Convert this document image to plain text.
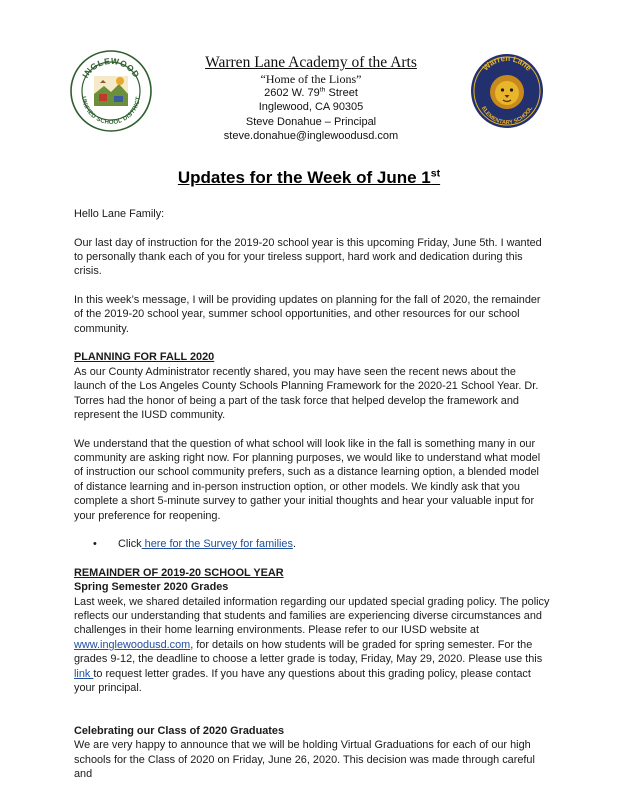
INGLEWOOD
UNIFIED SCHOOL DISTRICT
Warren Lane Academy of the Arts
“Home of the Lions”
2602 W. 79th Street
Inglewood, CA 90305
Steve Donahue – Principal
steve.donahue@inglewoodusd.com
Warren Lane
ELEMENTARY SCHOOL
Updates for the Week of June 1st

Hello Lane Family:

Our last day of instruction for the 2019-20 school year is this upcoming Friday, June 5th. I wanted to personally thank each of you for your tireless support, hard work and dedication during this crisis.

In this week’s message, I will be providing updates on planning for the fall of 2020, the remainder of the 2019-20 school year, summer school opportunities, and other resources for our school community.

PLANNING FOR FALL 2020

As our County Administrator recently shared, you may have seen the recent news about the launch of the Los Angeles County Schools Planning Framework for the 2020-21 School Year. Dr. Torres had the honor of being a part of the task force that helped develop the framework and represent the IUSD community.

We understand that the question of what school will look like in the fall is something many in our community are asking right now. For planning purposes, we would like to understand what model of instruction our school community prefers, such as a distance learning option, a blended model of distance learning and in-person instruction option, or other models. We kindly ask that you complete a short 5-minute survey to gather your initial thoughts and hear your valuable input for your preference for reopening.

• Click here for the Survey for families.
REMAINDER OF 2019-20 SCHOOL YEAR
Spring Semester 2020 Grades

Last week, we shared detailed information regarding our updated special grading policy. The policy reflects our understanding that students and families are experiencing diverse circumstances and challenges in their home learning environments. Please refer to our IUSD website at www.inglewoodusd.com, for details on how students will be graded for spring semester. For the grades 9-12, the deadline to choose a letter grade is today, Friday, May 29, 2020. Please use this link to request letter grades. If you have any questions about this grading policy, please contact your principal.

Celebrating our Class of 2020 Graduates
We are very happy to announce that we will be holding Virtual Graduations for each of our high schools for the Class of 2020 on Friday, June 26, 2020. This decision was made through careful and
